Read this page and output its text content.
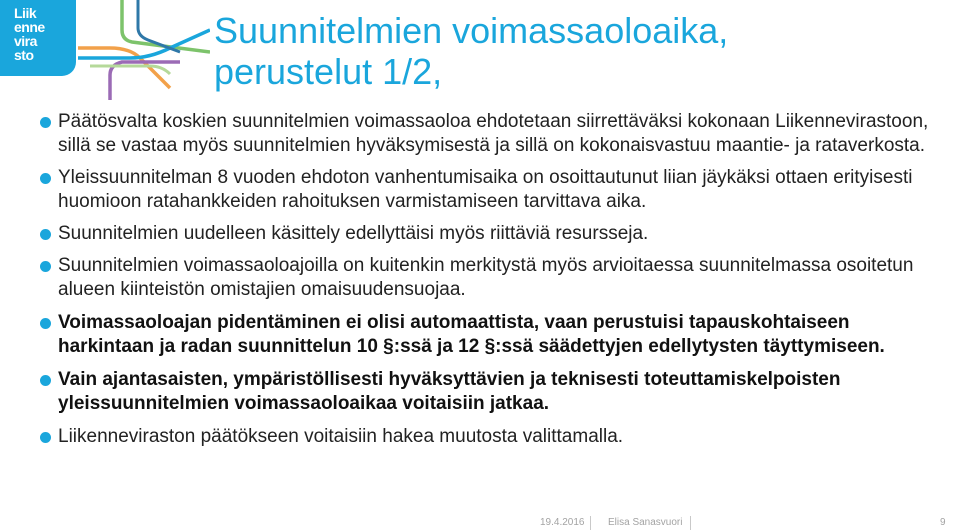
Liik
enne
vira
sto
Suunnitelmien voimassaoloaika,
perustelut 1/2,
Päätösvalta koskien suunnitelmien voimassaoloa ehdotetaan siirrettäväksi kokonaan Liikennevirastoon, sillä se vastaa myös suunnitelmien hyväksymisestä ja sillä on kokonaisvastuu maantie- ja rataverkosta.
Yleissuunnitelman 8 vuoden ehdoton vanhentumisaika on osoittautunut liian jäykäksi ottaen erityisesti huomioon ratahankkeiden rahoituksen varmistamiseen tarvittava aika.
Suunnitelmien uudelleen käsittely edellyttäisi myös riittäviä resursseja.
Suunnitelmien voimassaoloajoilla on kuitenkin merkitystä myös arvioitaessa suunnitelmassa osoitetun alueen kiinteistön omistajien omaisuudensuojaa.
Voimassaoloajan pidentäminen ei olisi automaattista, vaan perustuisi tapauskohtaiseen harkintaan ja radan suunnittelun 10 §:ssä ja 12 §:ssä säädettyjen edellytysten täyttymiseen.
Vain ajantasaisten, ympäristöllisesti hyväksyttävien ja teknisesti toteuttamiskelpoisten yleissuunnitelmien voimassaoloaikaa voitaisiin jatkaa.
Liikenneviraston päätökseen voitaisiin hakea muutosta valittamalla.
19.4.2016 Elisa Sanasvuori	9
